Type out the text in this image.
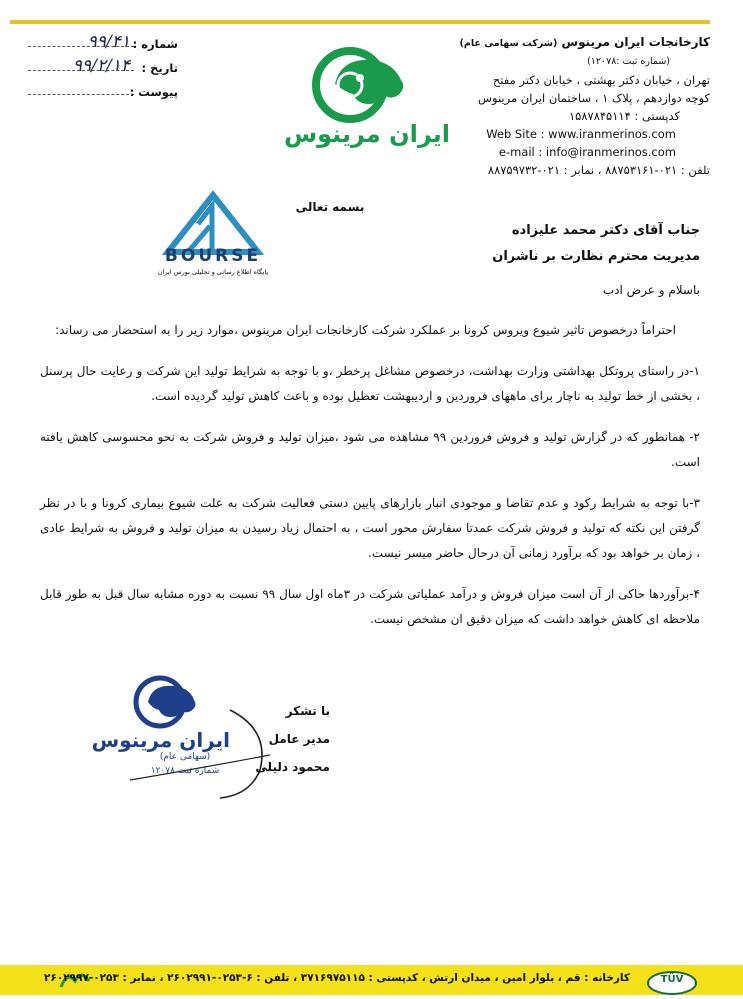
کارخانجات ایران مرینوس (شرکت سهامی عام)
(شماره ثبت :۱۲۰۷۸)
تهران ، خیابان دکتر بهشتی ، خیابان دکتر مفتح
کوچه دوازدهم ، پلاک ۱ ، ساختمان ایران مرینوس
کدپستی : ۱۵۸۷۸۴۵۱۱۴
Web Site : www.iranmerinos.com
e-mail : info@iranmerinos.com
تلفن : ۰۲۱-۸۸۷۵۳۱۶۱ ، نمابر : ۰۲۱-۸۸۷۵۹۷۳۲
ایران مرینوس
شماره :
۹۹/۴۱
تاریخ :
۹۹/۲/۱۴
پیوست :
بسمه تعالی
BOURSE
پایگاه اطلاع رسانی و تحلیلی بورس ایران
جناب آقای دکتر محمد علیزاده
مدیریت محترم نظارت بر ناشران
باسلام و عرض ادب

احتراماً درخصوص تاثیر شیوع ویروس کرونا بر عملکرد شرکت کارخانجات ایران مرینوس ،موارد زیر را به استحضار می رساند:

۱-در راستای پروتکل بهداشتی وزارت بهداشت، درخصوص مشاغل پرخطر ،و با توجه به شرایط تولید این شرکت و رعایت حال پرسنل ، بخشی از خط تولید به ناچار برای ماههای فروردین و اردیبهشت تعطیل بوده و باعث کاهش تولید گردیده است.

۲- همانطور که در گزارش تولید و فروش فروردین ۹۹ مشاهده می شود ،میزان تولید و فروش شرکت به نحو محسوسی کاهش یافته است.

۳-با توجه به شرایط رکود و عدم تقاضا و موجودی انبار بازارهای پایین دستی فعالیت شرکت به علت شیوع بیماری کرونا و با در نظر گرفتن این نکته که تولید و فروش شرکت عمدتا سفارش محور است ، به احتمال زیاد رسیدن به میزان تولید و فروش به شرایط عادی ، زمان بر خواهد بود که برآورد زمانی آن درحال حاضر میسر نیست.

۴-برآوردها حاکی از آن است میزان فروش و درآمد عملیاتی شرکت در ۳ماه اول سال ۹۹ نسبت به دوره مشابه سال قبل به طور قابل ملاحظه ای کاهش خواهد داشت که میزان دقیق ان مشخص نیست.

ایران مرینوس
(سهامی عام)
شماره ثبت ۱۲۰۷۸
با تشکر
مدیر عامل
محمود دلیلی
کارخانه : قم ، بلوار امین ، میدان ارتش ، کدپستی : ۳۷۱۶۹۷۵۱۱۵ ، تلفن : ۶-۰۲۵۳-۲۶۰۲۹۹۱ ، نمابر : ۰۲۵۳-۲۶۰۲۹۹۷	TÜV
